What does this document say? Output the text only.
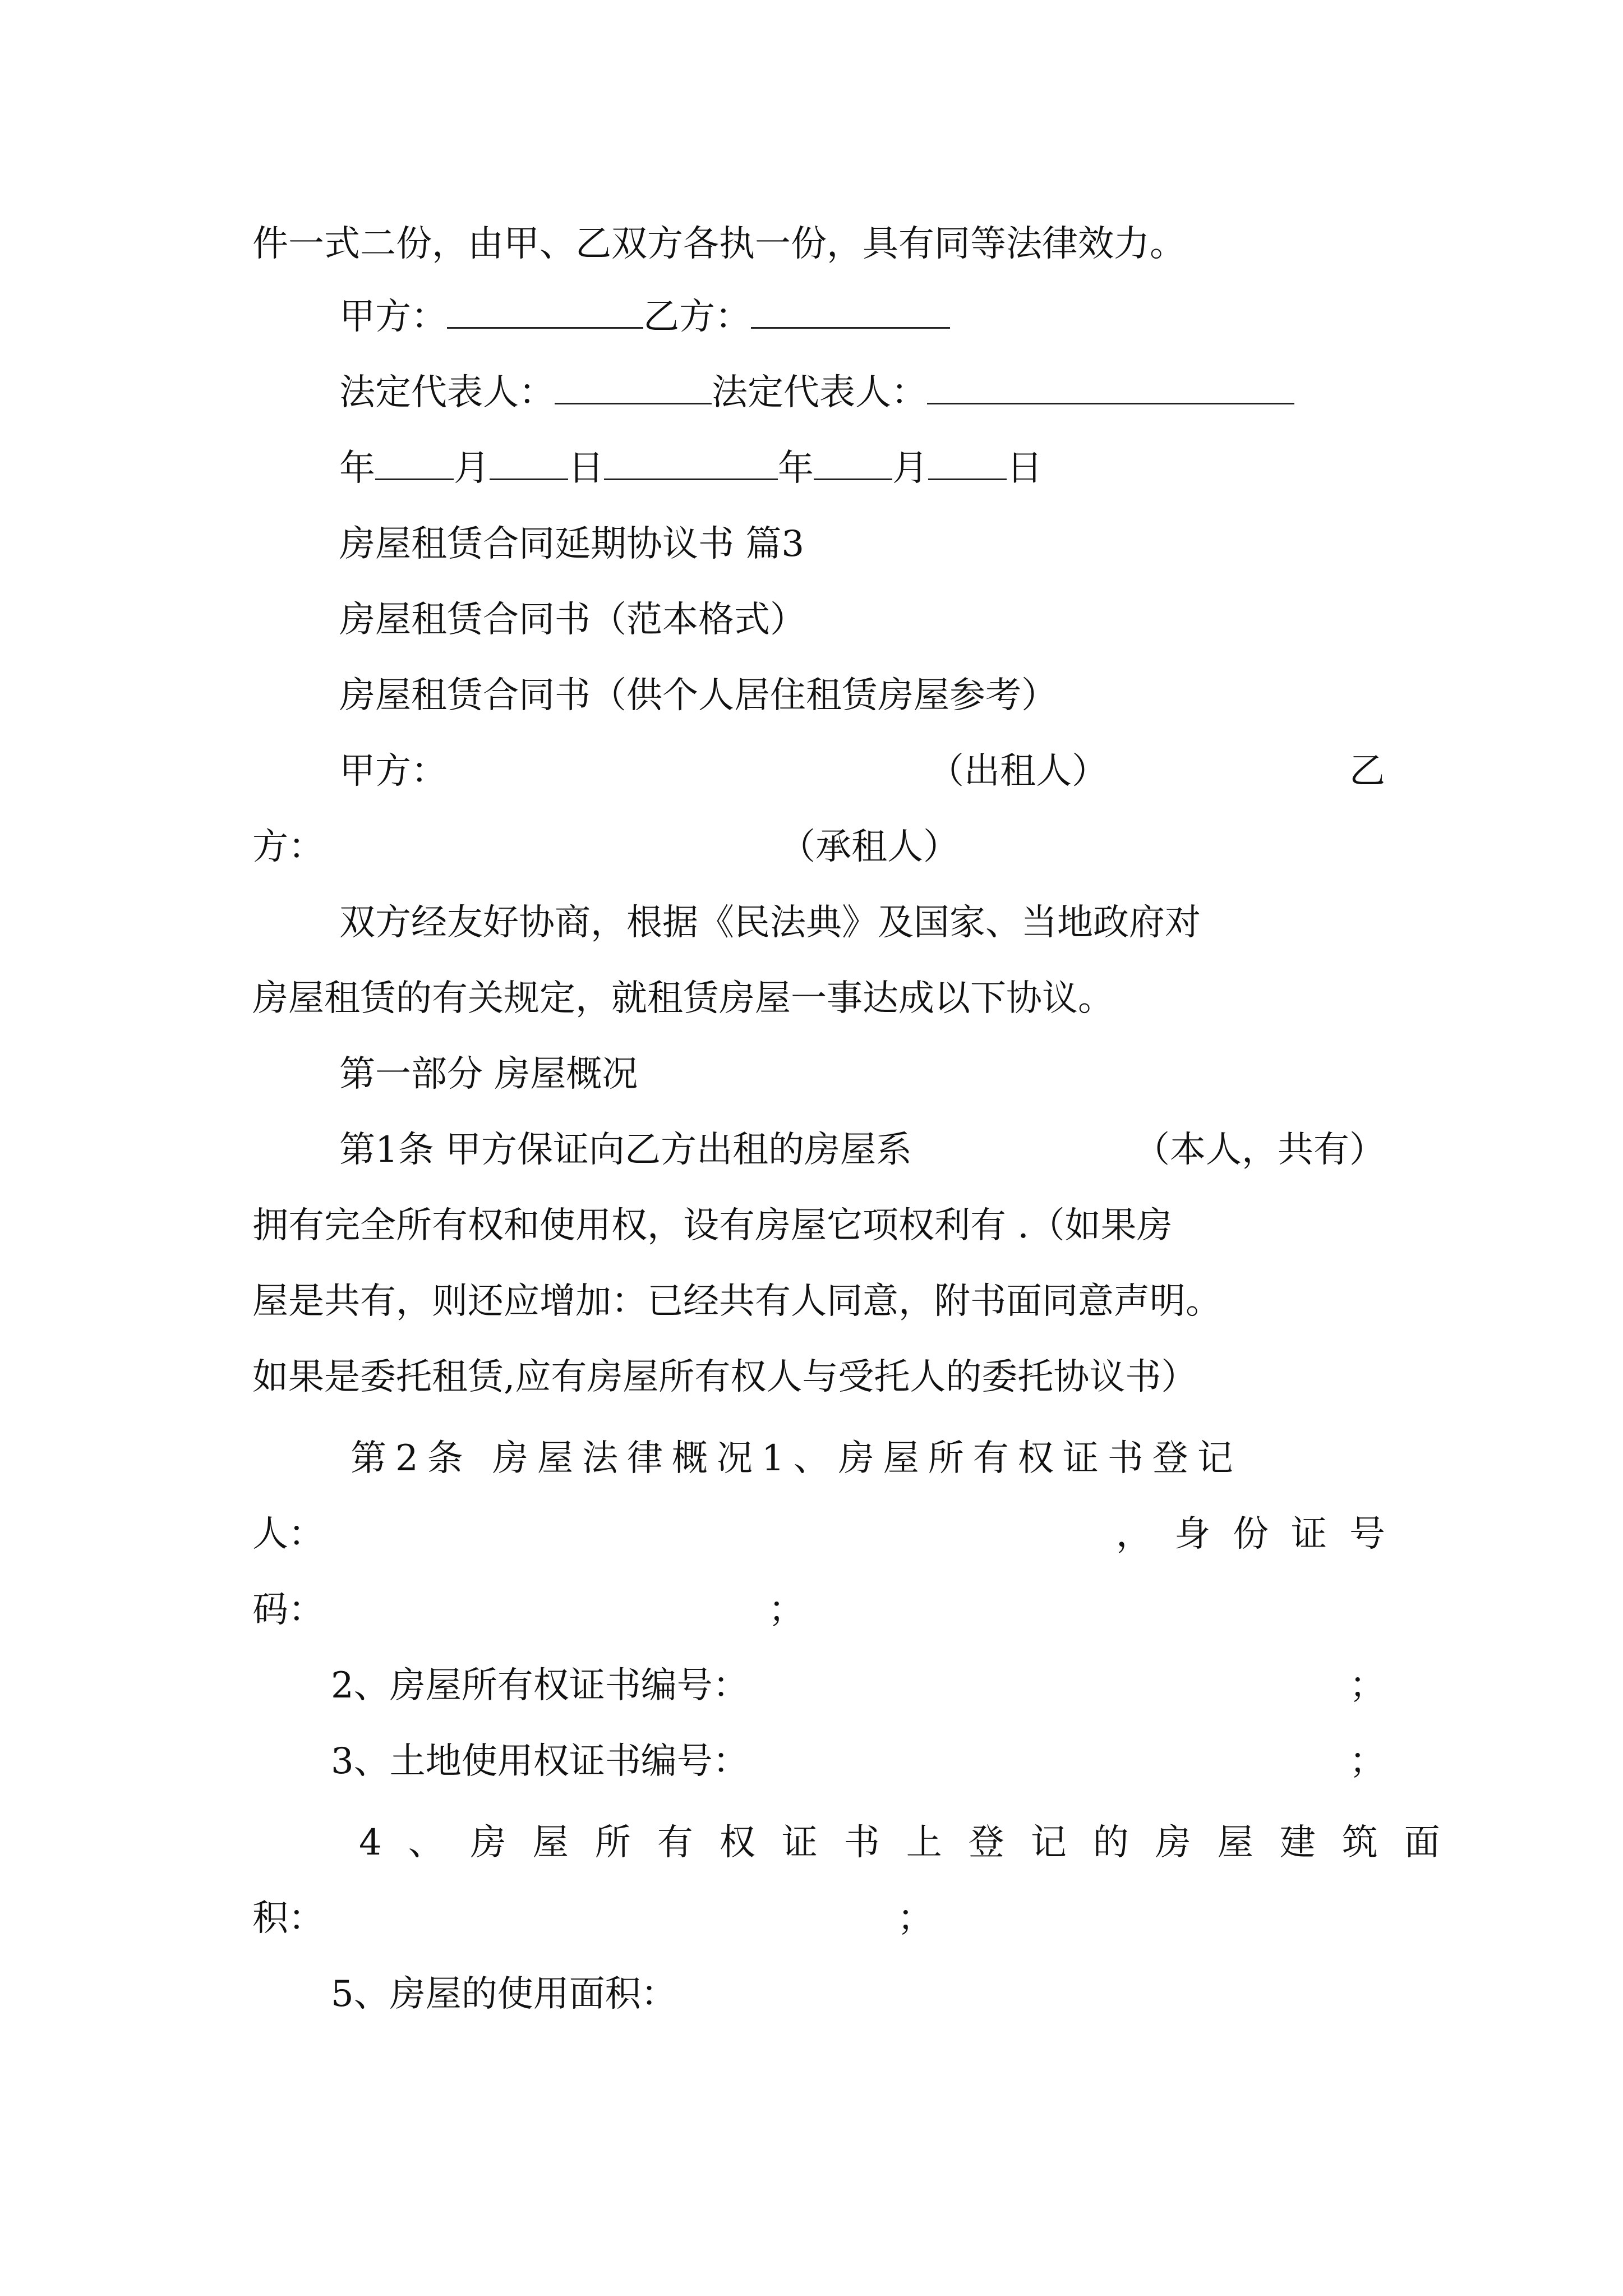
件一式二份，由甲、乙双方各执一份，具有同等法律效力。
甲方：	乙方：
法定代表人：	法定代表人：
年 月 日	年 月 日
房屋租赁合同延期协议书 篇3
房屋租赁合同书（范本格式）
房屋租赁合同书（供个人居住租赁房屋参考）
甲方：	（出租人）	乙
方：	（承租人）
双方经友好协商，根据《民法典》及国家、当地政府对
房屋租赁的有关规定，就租赁房屋一事达成以下协议。
第一部分 房屋概况
第1条 甲方保证向乙方出租的房屋系	（本人，共有）
拥有完全所有权和使用权，设有房屋它项权利有 .（如果房
屋是共有，则还应增加：已经共有人同意，附书面同意声明。
如果是委托租赁,应有房屋所有权人与受托人的委托协议书）
第2条 房屋法律概况1、房屋所有权证书登记
人：	，身份证号
码：	；
2、房屋所有权证书编号：	；
3、土地使用权证书编号：	；
4、房屋所有权证书上登记的房屋建筑面
积：	；
5、房屋的使用面积：
